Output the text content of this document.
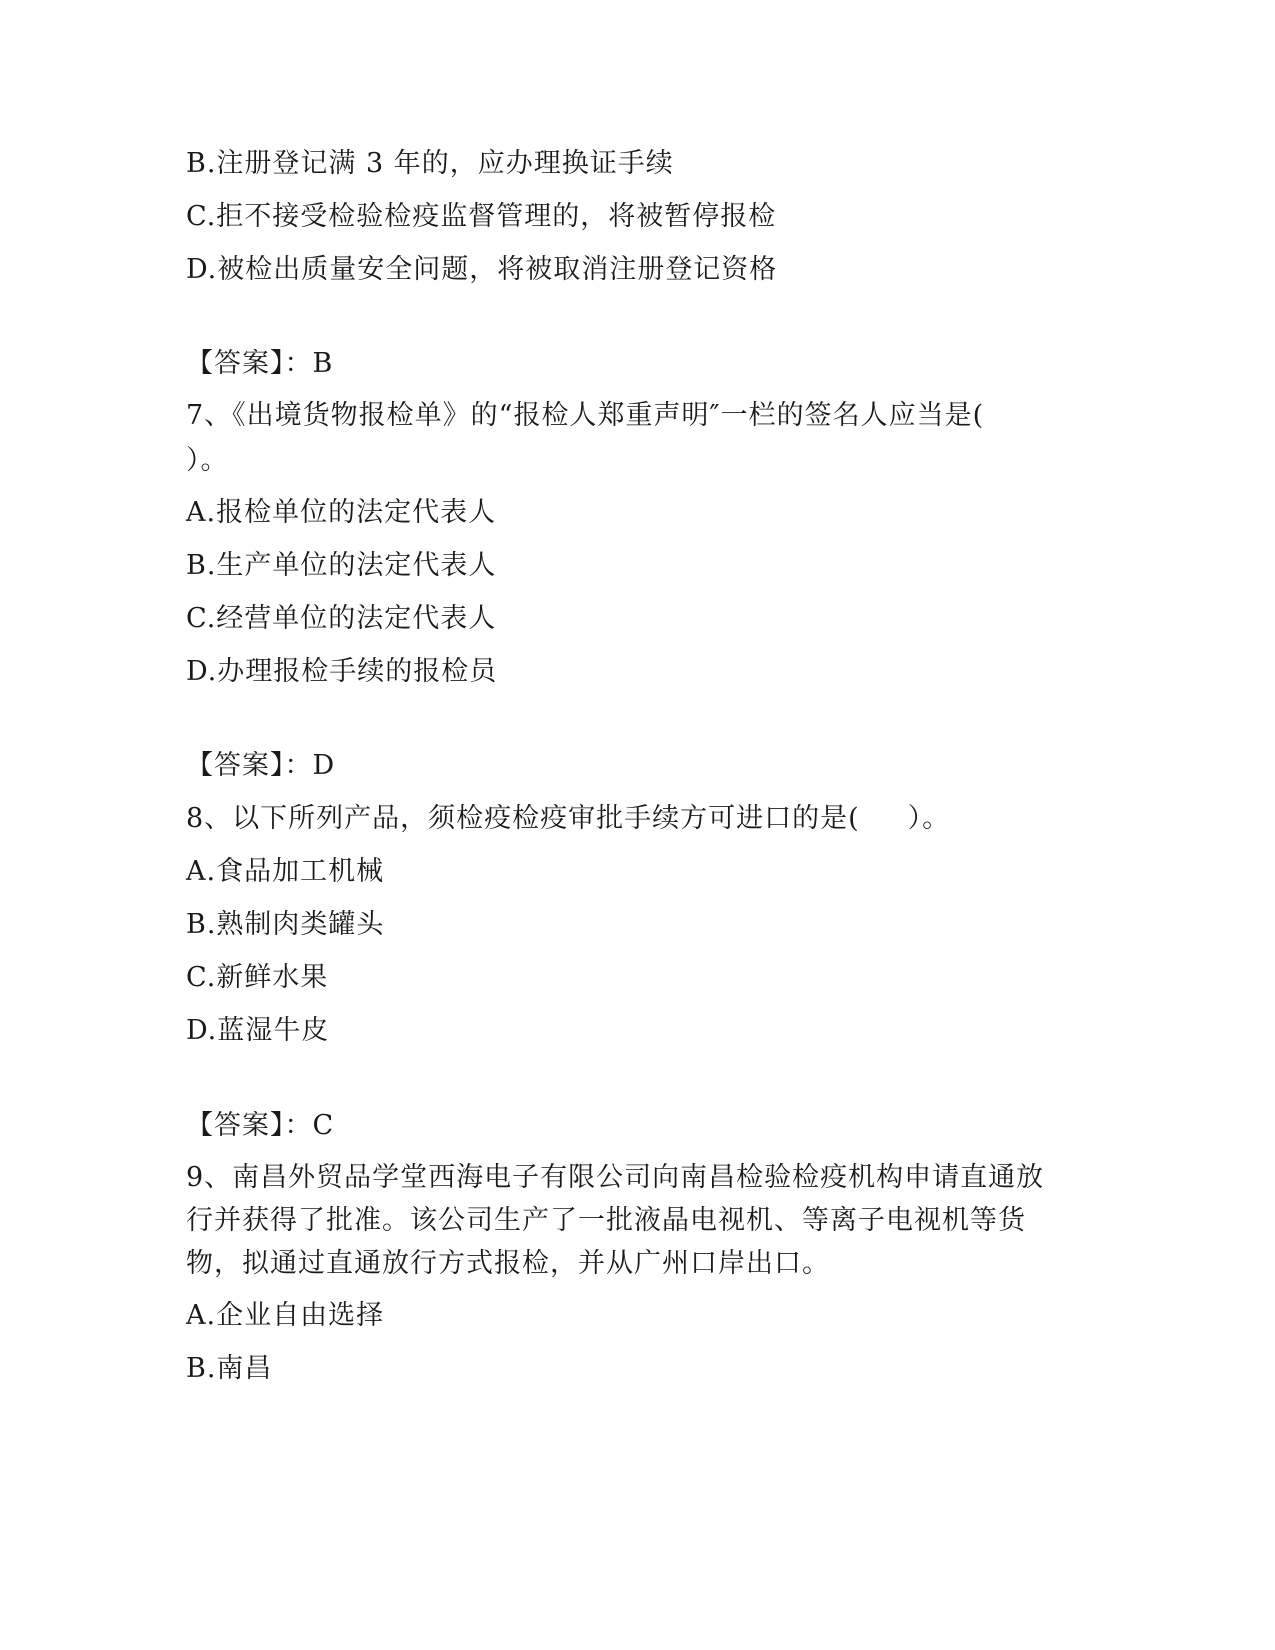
B.注册登记满 3 年的，应办理换证手续
C.拒不接受检验检疫监督管理的，将被暂停报检
D.被检出质量安全问题，将被取消注册登记资格
【答案】：B
7、《出境货物报检单》的“报检人郑重声明″一栏的签名人应当是(
）。
A.报检单位的法定代表人
B.生产单位的法定代表人
C.经营单位的法定代表人
D.办理报检手续的报检员
【答案】：D
8、以下所列产品，须检疫检疫审批手续方可进口的是(     ）。
A.食品加工机械
B.熟制肉类罐头
C.新鲜水果
D.蓝湿牛皮
【答案】：C
9、南昌外贸品学堂西海电子有限公司向南昌检验检疫机构申请直通放
行并获得了批准。该公司生产了一批液晶电视机、等离子电视机等货
物，拟通过直通放行方式报检，并从广州口岸出口。
A.企业自由选择
B.南昌
